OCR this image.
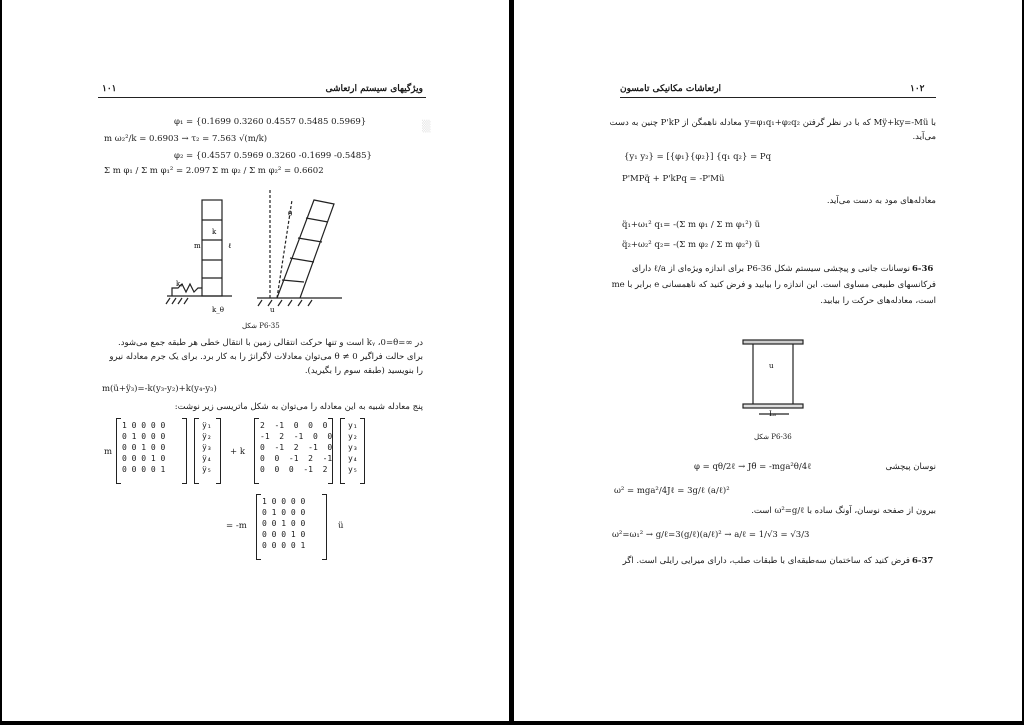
▒
۱۰۱	ویژگیهای سیستم ارتعاشی
φ₁ = {0.1699 0.3260 0.4557 0.5485 0.5969}
m ω₂²/k = 0.6903 → τ₂ = 7.563 √(m/k)
φ₂ = {0.4557 0.5969 0.3260 -0.1699 -0.5485}
Σ m φ₁ / Σ m φ₁² = 2.097 Σ m φ₂ / Σ m φ₂² = 0.6602
k
m	ℓ
kᵧ
k_θ
θ
u
شکل P6-35
در ∞=kᵧ ،0=θ است و تنها حرکت انتقالی زمین با انتقال خطی هر طبقه جمع می‌شود.
برای حالت فراگیر 0 ≠ θ می‌توان معادلات لاگرانژ را به کار برد. برای یک جرم معادله نیرو
را بنویسید (طبقه سوم را بگیرید).
m(ü+ÿ₃)=-k(y₃-y₂)+k(y₄-y₃)
پنج معادله شبیه به این معادله را می‌توان به شکل ماتریسی زیر نوشت:
m
1 0 0 0 0
0 1 0 0 0
0 0 1 0 0
0 0 0 1 0
0 0 0 0 1
ÿ₁
ÿ₂
ÿ₃
ÿ₄
ÿ₅
+ k
2  -1  0  0  0
-1  2  -1  0  0
0  -1  2  -1  0
0  0  -1  2  -1
0  0  0  -1  2
y₁
y₂
y₃
y₄
y₅
= -m
1 0 0 0 0
0 1 0 0 0
0 0 1 0 0
0 0 0 1 0
0 0 0 0 1
ü
ارتعاشات مکانیکی تامسون	۱۰۲
با Mÿ+ky=-Mü که با در نظر گرفتن y=φ₁q₁+φ₂q₂ معادله ناهمگن از P'kP چنین به دست
می‌آید.
{y₁ y₂} = [{φ₁}{φ₂}] {q₁ q₂} = Pq
P'MPq̈ + P'kPq = -P'Mü
معادله‌های مود به دست می‌آید.
q̈₁+ω₁² q₁= -(Σ m φ₁ / Σ m φ₁²) ü
q̈₂+ω₂² q₂= -(Σ m φ₂ / Σ m φ₂²) ü
6-36
نوسانات جانبی و پیچشی سیستم شکل P6-36 برای اندازه ویژه‌ای از ℓ/a دارای
فرکانسهای طبیعی مساوی است. این اندازه را بیابید و فرض کنید که ناهمسانی e برابر با me
است، معادله‌های حرکت را بیابید.
u
L₁
شکل P6-36
نوسان پیچشی
φ = qθ/2ℓ → Jθ̈ = -mga²θ/4ℓ
ω² = mga²/4Jℓ = 3g/ℓ (a/ℓ)²
بیرون از صفحه نوسان، آونگ ساده با ω²=g/ℓ است.
ω²=ω₁² → g/ℓ=3(g/ℓ)(a/ℓ)² → a/ℓ = 1/√3 = √3/3
6-37
فرض کنید که ساختمان سه‌طبقه‌ای با طبقات صلب، دارای میرایی رایلی است. اگر
